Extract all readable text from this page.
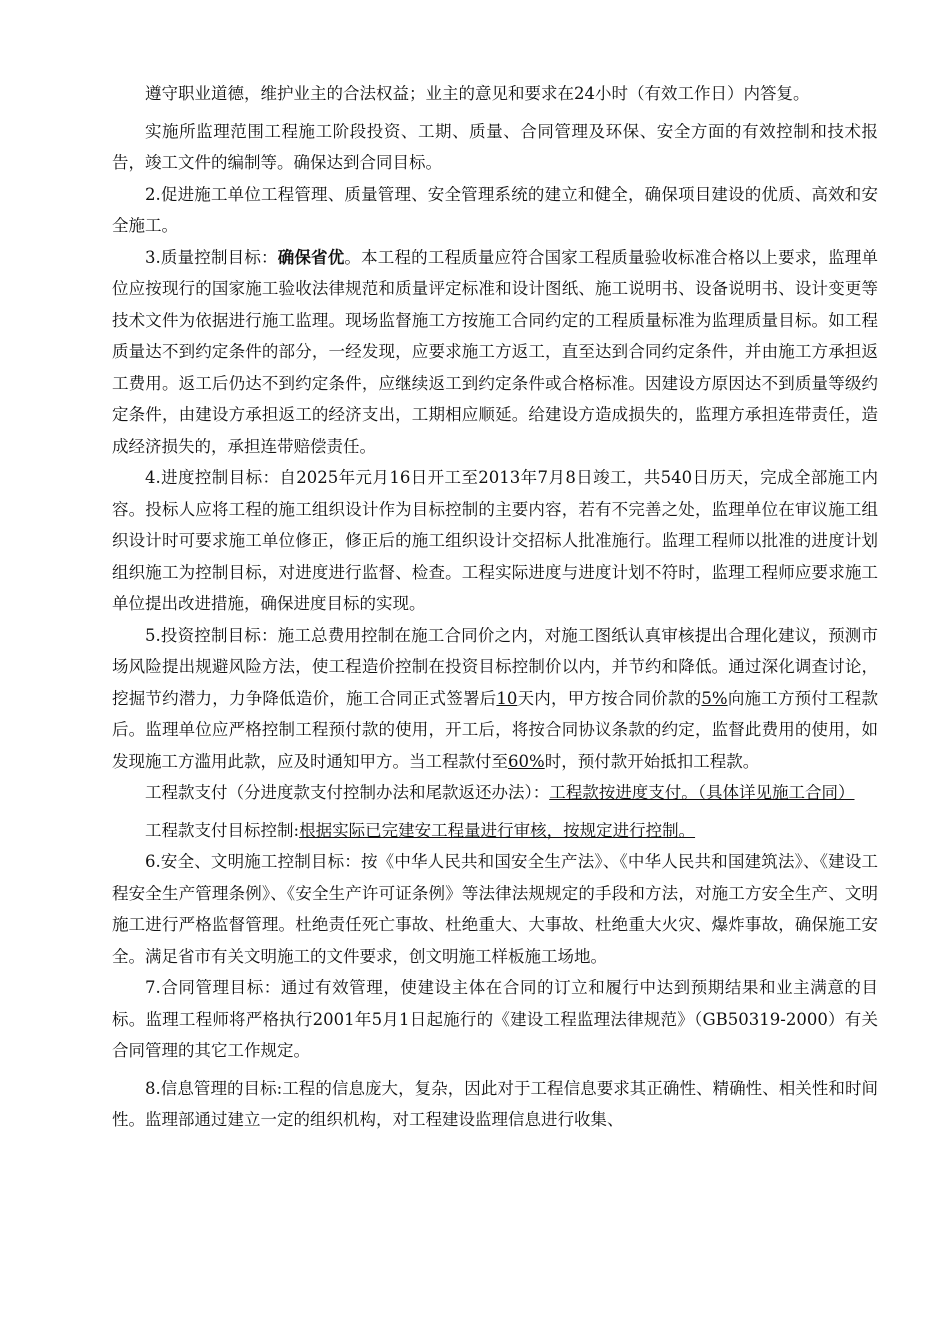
遵守职业道德，维护业主的合法权益；业主的意见和要求在24小时（有效工作日）内答复。

实施所监理范围工程施工阶段投资、工期、质量、合同管理及环保、安全方面的有效控制和技术报告，竣工文件的编制等。确保达到合同目标。

2.促进施工单位工程管理、质量管理、安全管理系统的建立和健全，确保项目建设的优质、高效和安全施工。

3.质量控制目标：确保省优。本工程的工程质量应符合国家工程质量验收标准合格以上要求，监理单位应按现行的国家施工验收法律规范和质量评定标准和设计图纸、施工说明书、设备说明书、设计变更等技术文件为依据进行施工监理。现场监督施工方按施工合同约定的工程质量标准为监理质量目标。如工程质量达不到约定条件的部分，一经发现，应要求施工方返工，直至达到合同约定条件，并由施工方承担返工费用。返工后仍达不到约定条件，应继续返工到约定条件或合格标准。因建设方原因达不到质量等级约定条件，由建设方承担返工的经济支出，工期相应顺延。给建设方造成损失的，监理方承担连带责任，造成经济损失的，承担连带赔偿责任。

4.进度控制目标：自2025年元月16日开工至2013年7月8日竣工，共540日历天，完成全部施工内容。投标人应将工程的施工组织设计作为目标控制的主要内容，若有不完善之处，监理单位在审议施工组织设计时可要求施工单位修正，修正后的施工组织设计交招标人批准施行。监理工程师以批准的进度计划组织施工为控制目标，对进度进行监督、检查。工程实际进度与进度计划不符时，监理工程师应要求施工单位提出改进措施，确保进度目标的实现。

5.投资控制目标：施工总费用控制在施工合同价之内，对施工图纸认真审核提出合理化建议，预测市场风险提出规避风险方法，使工程造价控制在投资目标控制价以内，并节约和降低。通过深化调查讨论，挖掘节约潜力，力争降低造价，施工合同正式签署后10天内，甲方按合同价款的5%向施工方预付工程款后。监理单位应严格控制工程预付款的使用，开工后，将按合同协议条款的约定，监督此费用的使用，如发现施工方滥用此款，应及时通知甲方。当工程款付至60%时，预付款开始抵扣工程款。

工程款支付（分进度款支付控制办法和尾款返还办法）：工程款按进度支付。（具体详见施工合同）

工程款支付目标控制:根据实际已完建安工程量进行审核，按规定进行控制。

6.安全、文明施工控制目标：按《中华人民共和国安全生产法》、《中华人民共和国建筑法》、《建设工程安全生产管理条例》、《安全生产许可证条例》等法律法规规定的手段和方法，对施工方安全生产、文明施工进行严格监督管理。杜绝责任死亡事故、杜绝重大、大事故、杜绝重大火灾、爆炸事故，确保施工安全。满足省市有关文明施工的文件要求，创文明施工样板施工场地。

7.合同管理目标：通过有效管理，使建设主体在合同的订立和履行中达到预期结果和业主满意的目标。监理工程师将严格执行2001年5月1日起施行的《建设工程监理法律规范》（GB50319-2000）有关合同管理的其它工作规定。

8.信息管理的目标:工程的信息庞大，复杂，因此对于工程信息要求其正确性、精确性、相关性和时间性。监理部通过建立一定的组织机构，对工程建设监理信息进行收集、
